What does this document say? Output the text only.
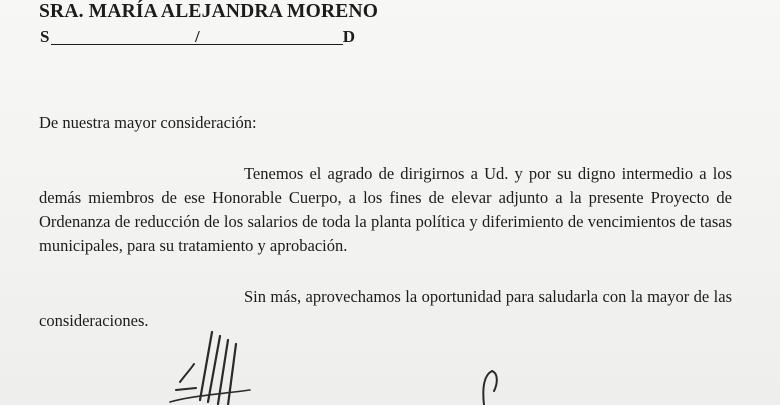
SRA. MARÍA ALEJANDRA MORENO
S	/	D
De nuestra mayor consideración:

Tenemos el agrado de dirigirnos a Ud. y por su digno intermedio a los demás miembros de ese Honorable Cuerpo, a los fines de elevar adjunto a la presente Proyecto de Ordenanza de reducción de los salarios de toda la planta política y diferimiento de vencimientos de tasas municipales, para su tratamiento y aprobación.

Sin más, aprovechamos la oportunidad para saludarla con la mayor de las consideraciones.
